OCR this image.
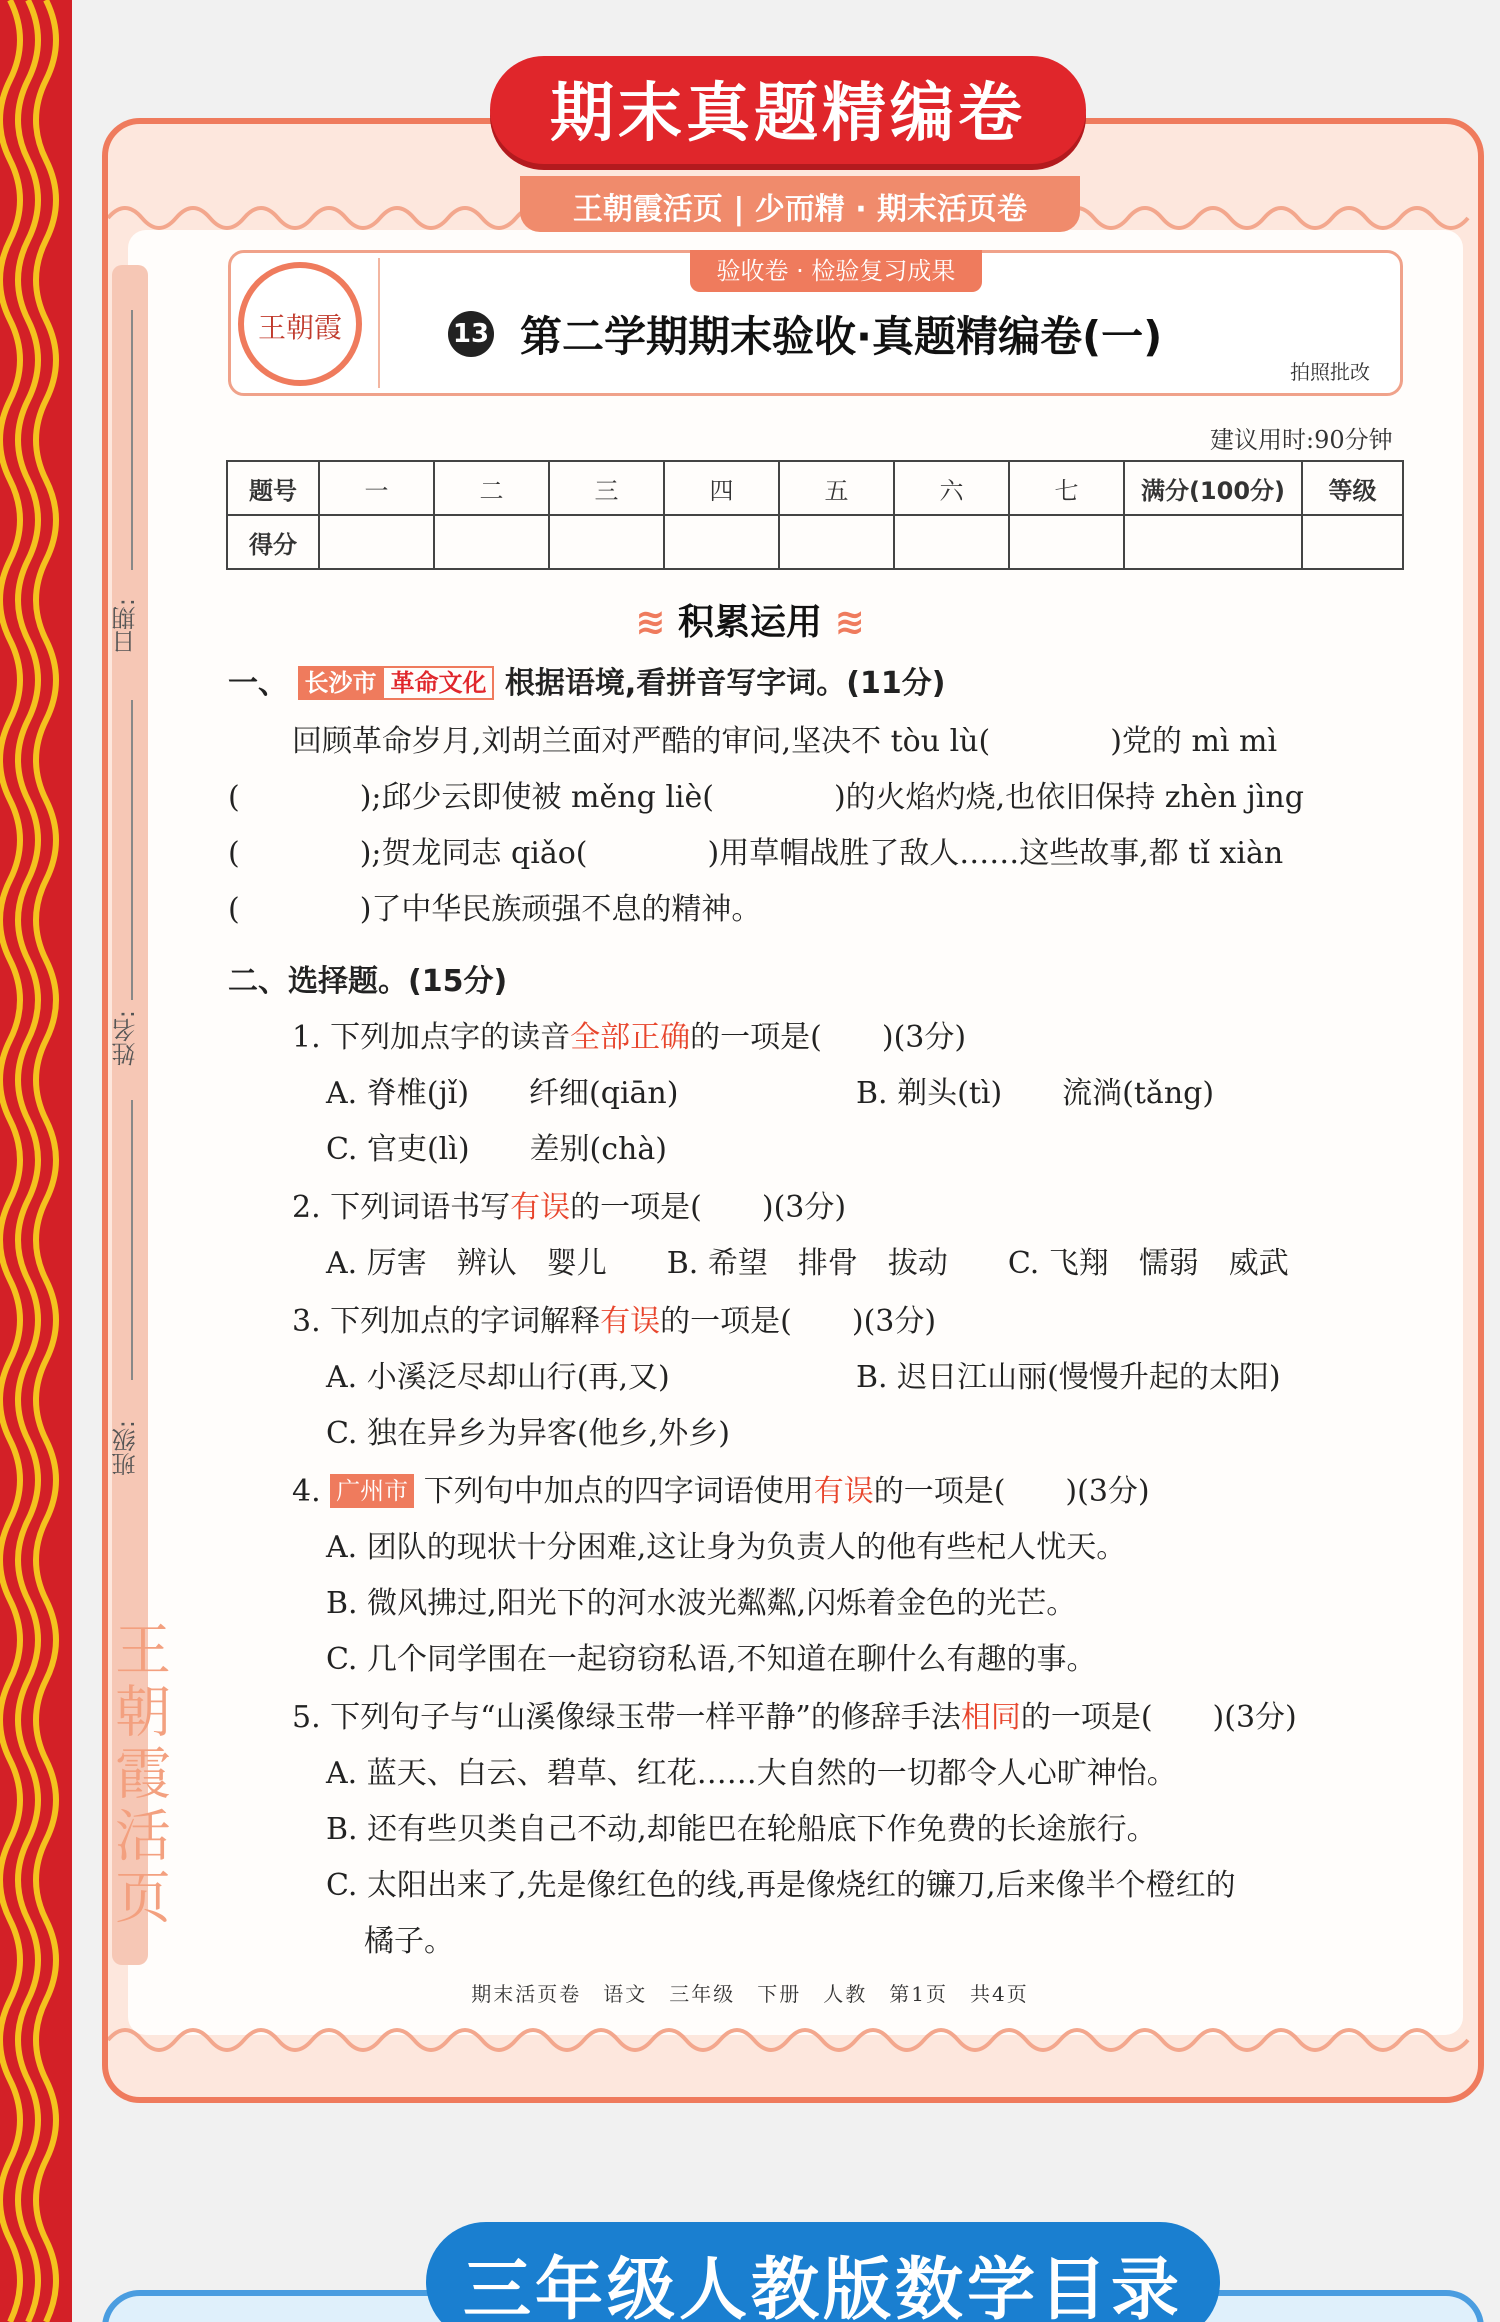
期末真题精编卷
王朝霞活页 | 少而精 · 期末活页卷
日期:
姓名:
班级:
王朝霞活页
验收卷 · 检验复习成果
王朝霞	13 第二学期期末验收·真题精编卷(一)
拍照批改
建议用时:90分钟
题号	一	二	三	四	五	六	七	满分(100分)	等级
得分									
≋ 积累运用 ≋
一、 长沙市 革命文化 根据语境,看拼音写字词。(11分)
回顾革命岁月,刘胡兰面对严酷的审问,坚决不 tòu lù(　　　　)党的 mì mì
(　　　　);邱少云即使被 měng liè(　　　　)的火焰灼烧,也依旧保持 zhèn jìng
(　　　　);贺龙同志 qiǎo(　　　　)用草帽战胜了敌人……这些故事,都 tǐ xiàn
(　　　　)了中华民族顽强不息的精神。
二、选择题。(15分)
1. 下列加点字的读音全部正确的一项是(　　)(3分)
A. 脊椎(jǐ)　　纤细(qiān)	B. 剃头(tì)　　流淌(tǎng)
C. 官吏(lì)　　差别(chà)
2. 下列词语书写有误的一项是(　　)(3分)
A. 厉害　辨认　婴儿　　B. 希望　排骨　拔动　　C. 飞翔　懦弱　威武
3. 下列加点的字词解释有误的一项是(　　)(3分)
A. 小溪泛尽却山行(再,又)	B. 迟日江山丽(慢慢升起的太阳)
C. 独在异乡为异客(他乡,外乡)
4. 广州市 下列句中加点的四字词语使用有误的一项是(　　)(3分)
A. 团队的现状十分困难,这让身为负责人的他有些杞人忧天。
B. 微风拂过,阳光下的河水波光粼粼,闪烁着金色的光芒。
C. 几个同学围在一起窃窃私语,不知道在聊什么有趣的事。
5. 下列句子与“山溪像绿玉带一样平静”的修辞手法相同的一项是(　　)(3分)
A. 蓝天、白云、碧草、红花……大自然的一切都令人心旷神怡。
B. 还有些贝类自己不动,却能巴在轮船底下作免费的长途旅行。
C. 太阳出来了,先是像红色的线,再是像烧红的镰刀,后来像半个橙红的
橘子。
期末活页卷　语文　三年级　下册　人教　第1页　共4页
三年级人教版数学目录
